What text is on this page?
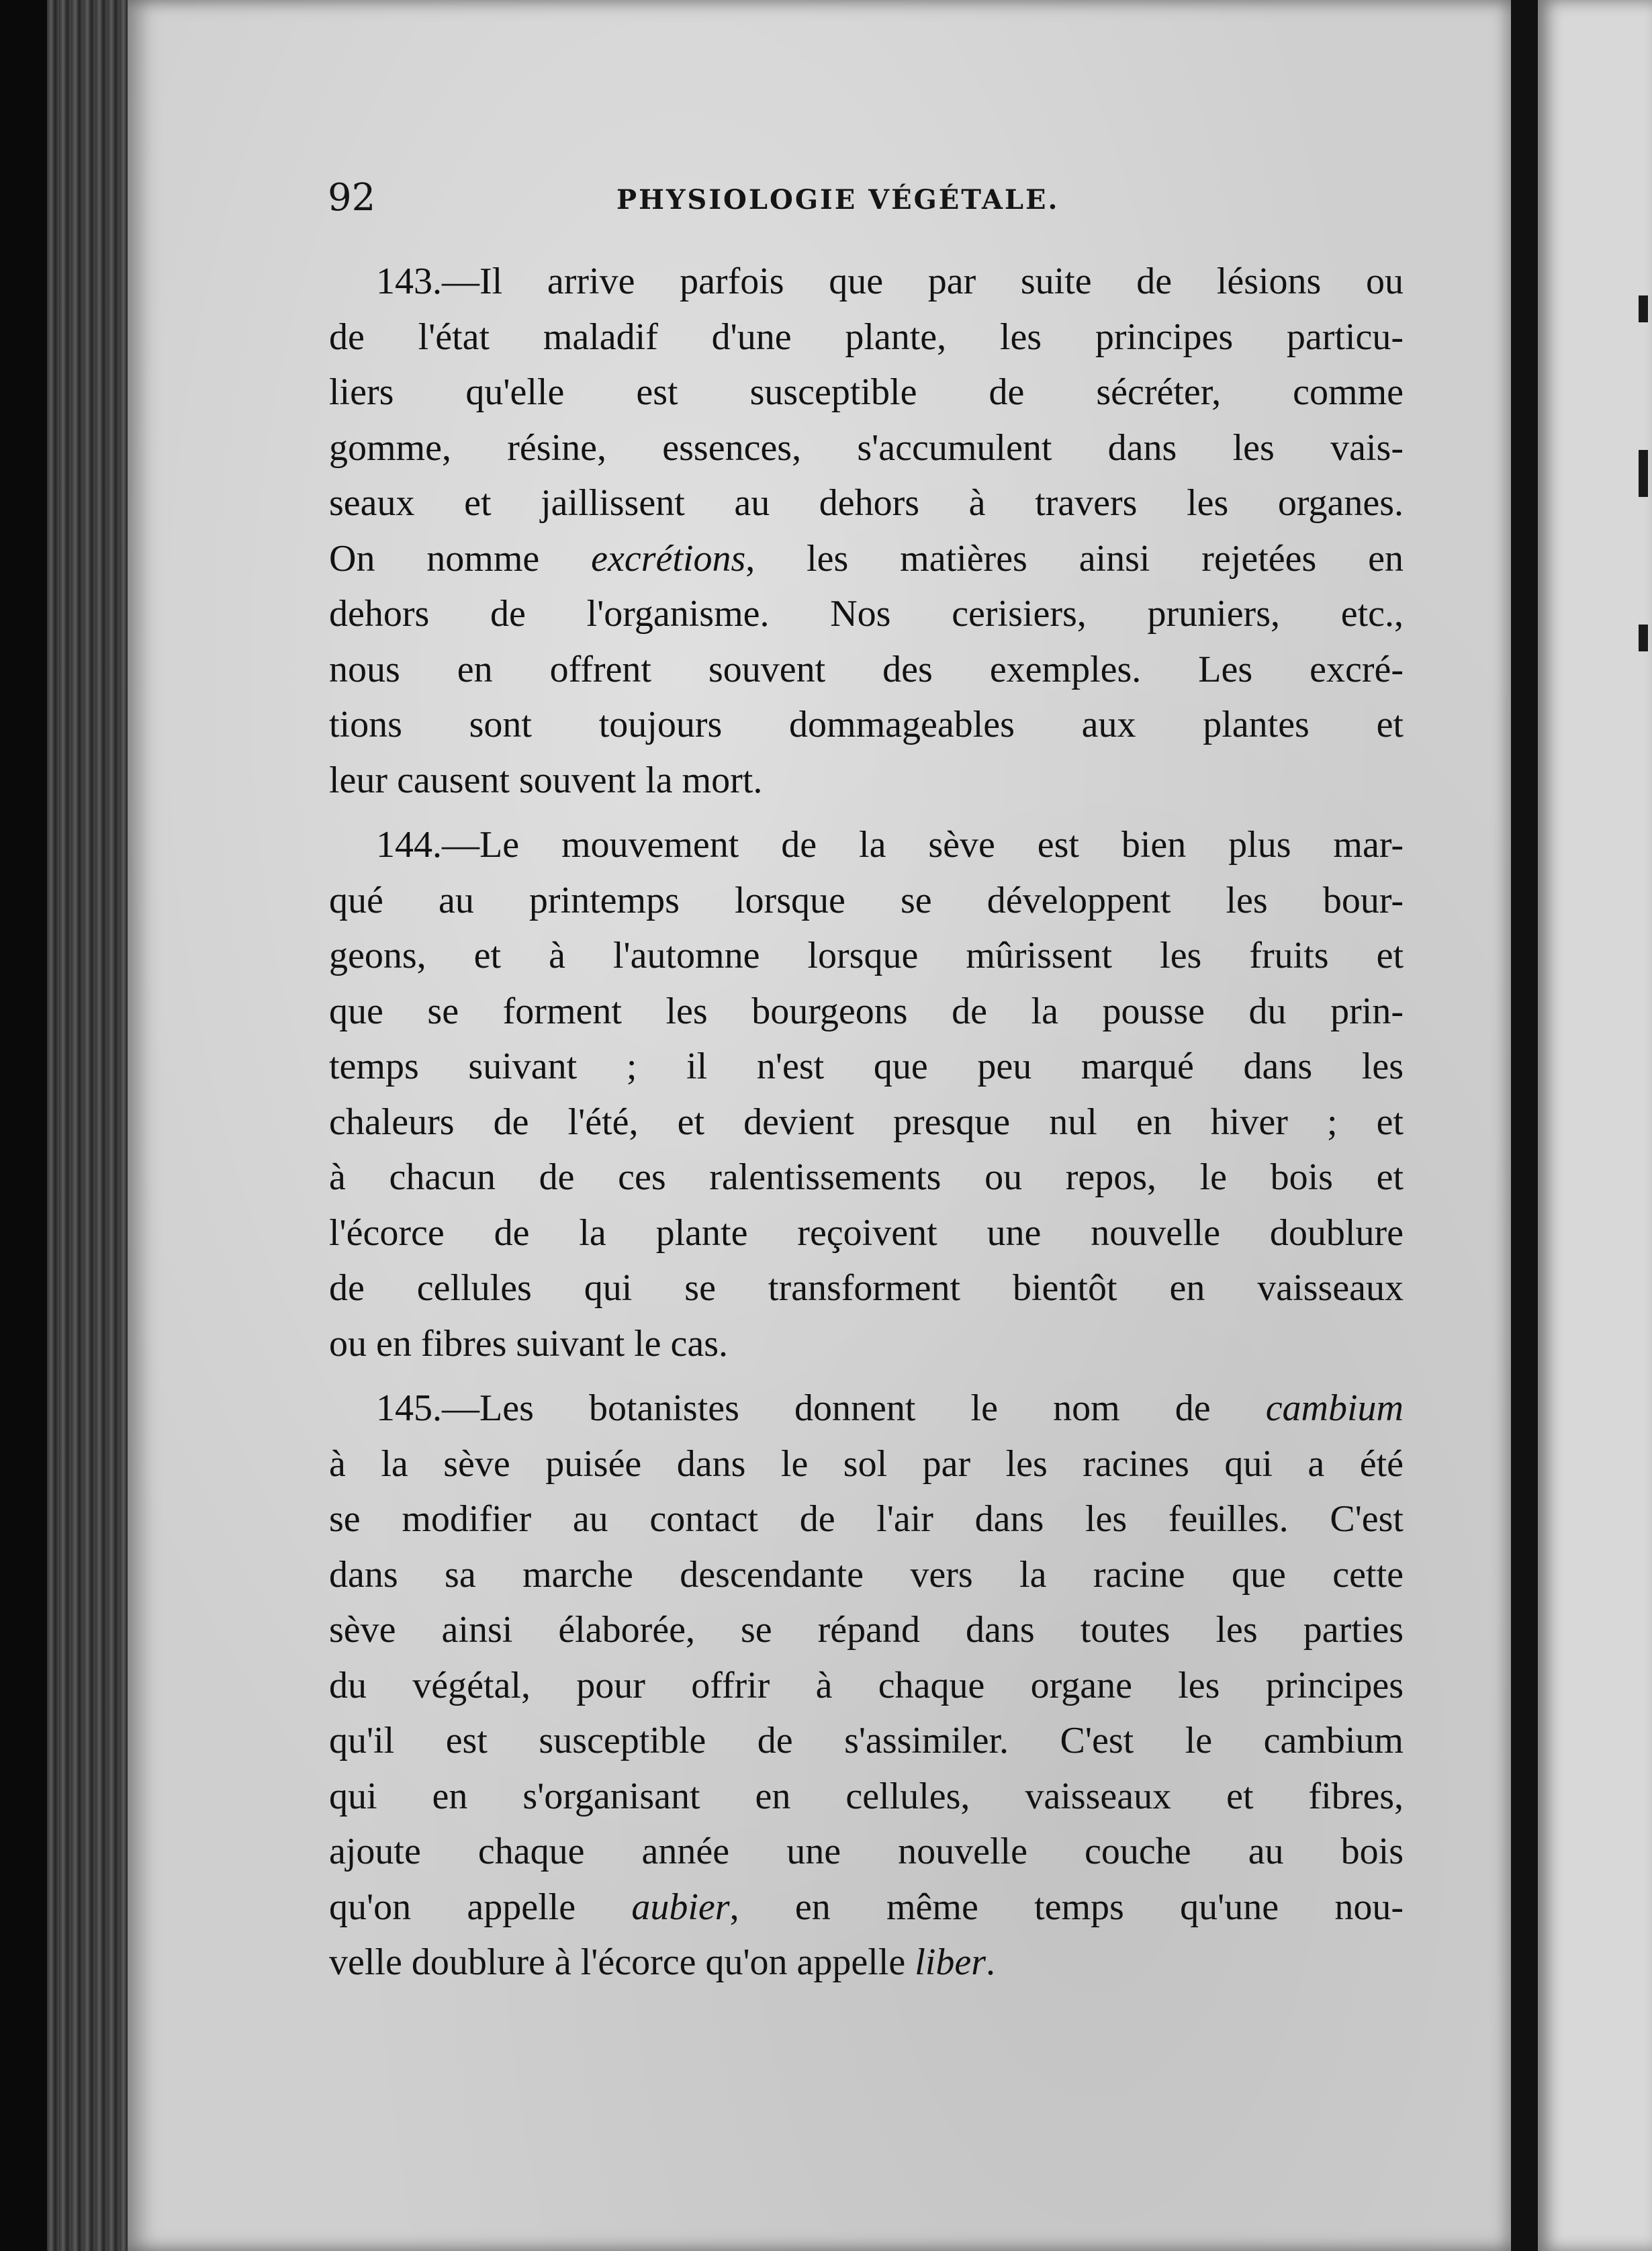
92	PHYSIOLOGIE VÉGÉTALE.
143.—Il arrive parfois que par suite de lésions ou
de l'état maladif d'une plante, les principes particu-
liers qu'elle est susceptible de sécréter, comme
gomme, résine, essences, s'accumulent dans les vais-
seaux et jaillissent au dehors à travers les organes.
On nomme excrétions, les matières ainsi rejetées en
dehors de l'organisme. Nos cerisiers, pruniers, etc.,
nous en offrent souvent des exemples. Les excré-
tions sont toujours dommageables aux plantes et
leur causent souvent la mort.
144.—Le mouvement de la sève est bien plus mar-
qué au printemps lorsque se développent les bour-
geons, et à l'automne lorsque mûrissent les fruits et
que se forment les bourgeons de la pousse du prin-
temps suivant ; il n'est que peu marqué dans les
chaleurs de l'été, et devient presque nul en hiver ; et
à chacun de ces ralentissements ou repos, le bois et
l'écorce de la plante reçoivent une nouvelle doublure
de cellules qui se transforment bientôt en vaisseaux
ou en fibres suivant le cas.
145.—Les botanistes donnent le nom de cambium
à la sève puisée dans le sol par les racines qui a été
se modifier au contact de l'air dans les feuilles. C'est
dans sa marche descendante vers la racine que cette
sève ainsi élaborée, se répand dans toutes les parties
du végétal, pour offrir à chaque organe les principes
qu'il est susceptible de s'assimiler. C'est le cambium
qui en s'organisant en cellules, vaisseaux et fibres,
ajoute chaque année une nouvelle couche au bois
qu'on appelle aubier, en même temps qu'une nou-
velle doublure à l'écorce qu'on appelle liber.
